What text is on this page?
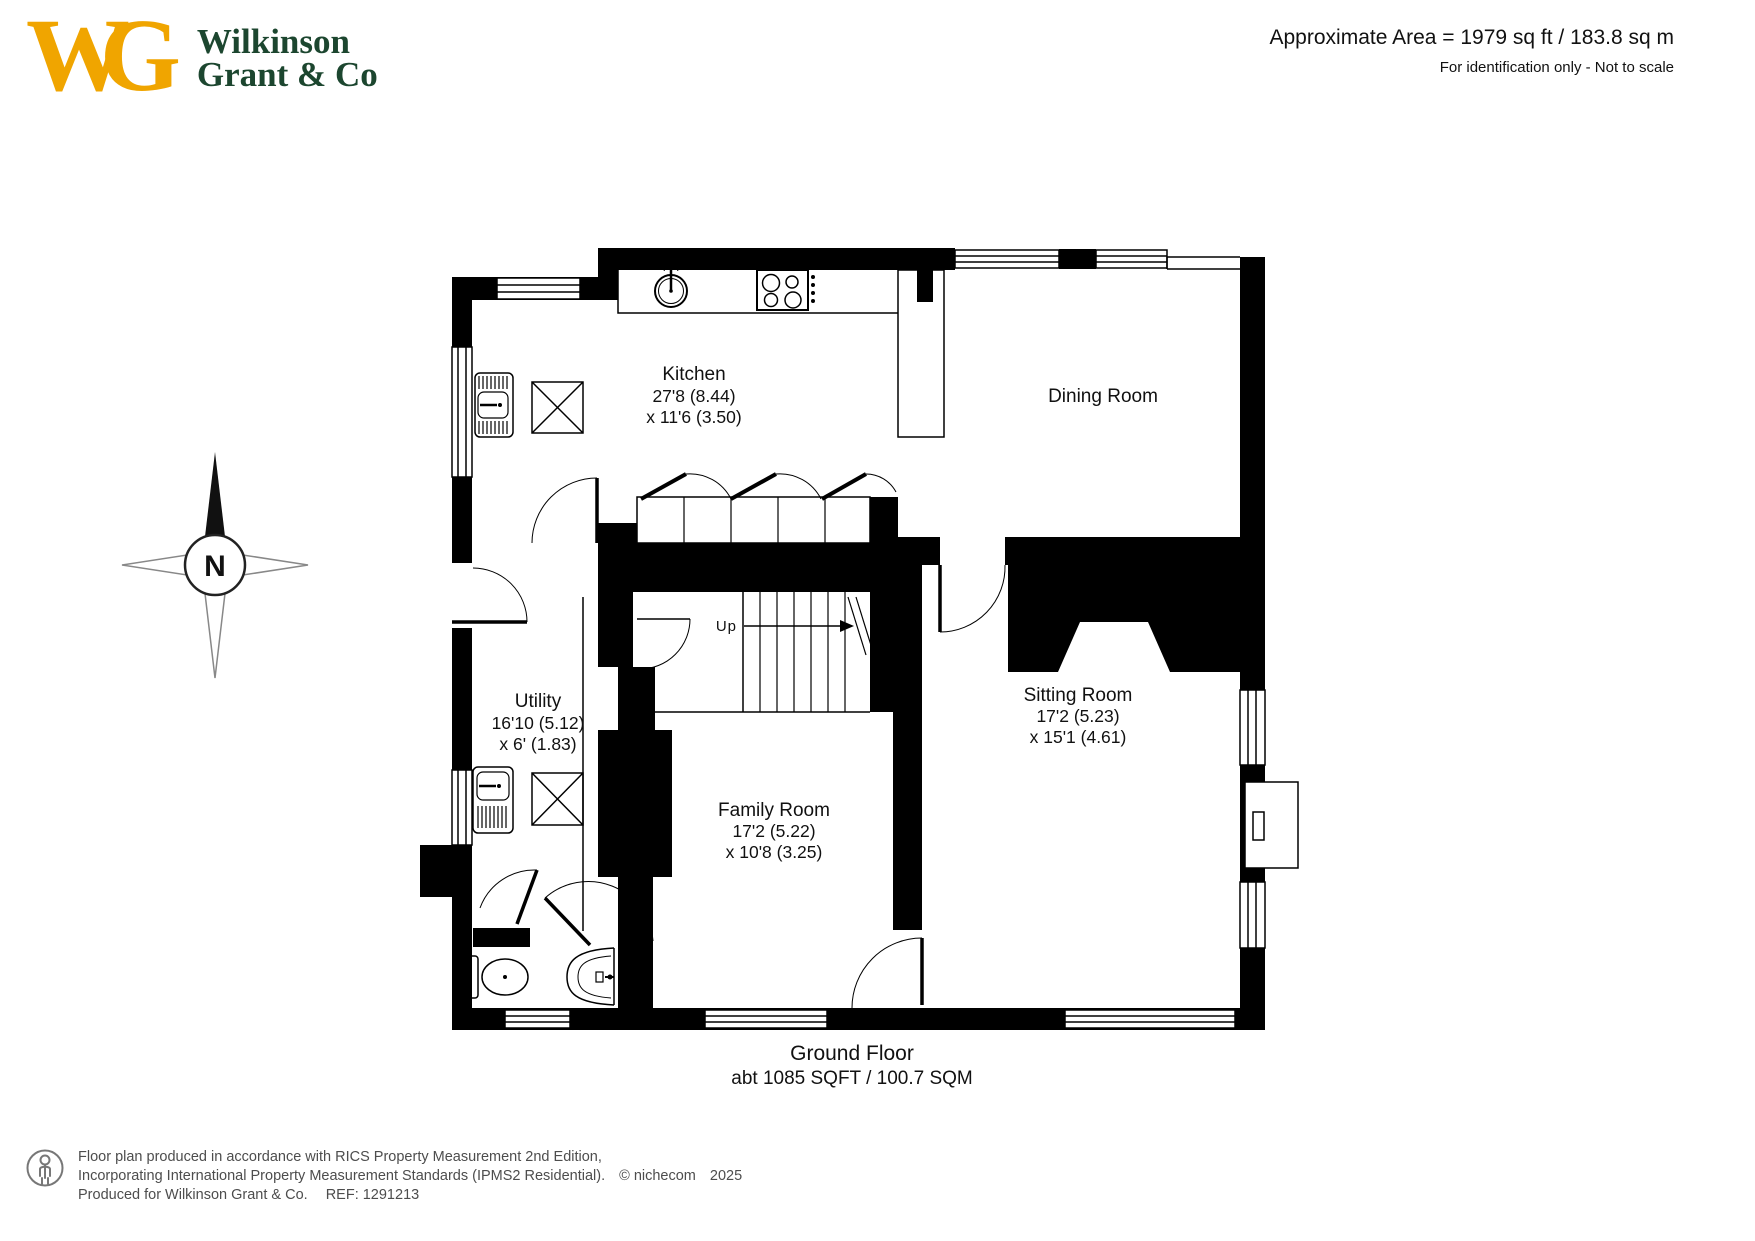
WG	Wilkinson
Grant & Co
Approximate Area = 1979 sq ft / 183.8 sq m
For identification only - Not to scale
Up
N
Kitchen
27'8 (8.44)
x 11'6 (3.50)
Dining Room
Utility
16'10 (5.12)
x 6' (1.83)
Family Room
17'2 (5.22)
x 10'8 (3.25)
Sitting Room
17'2 (5.23)
x 15'1 (4.61)
Ground Floor
abt 1085 SQFT / 100.7 SQM
Floor plan produced in accordance with RICS Property Measurement 2nd Edition,
Incorporating International Property Measurement Standards (IPMS2 Residential). © nichecom 2025
Produced for Wilkinson Grant & Co. REF: 1291213
